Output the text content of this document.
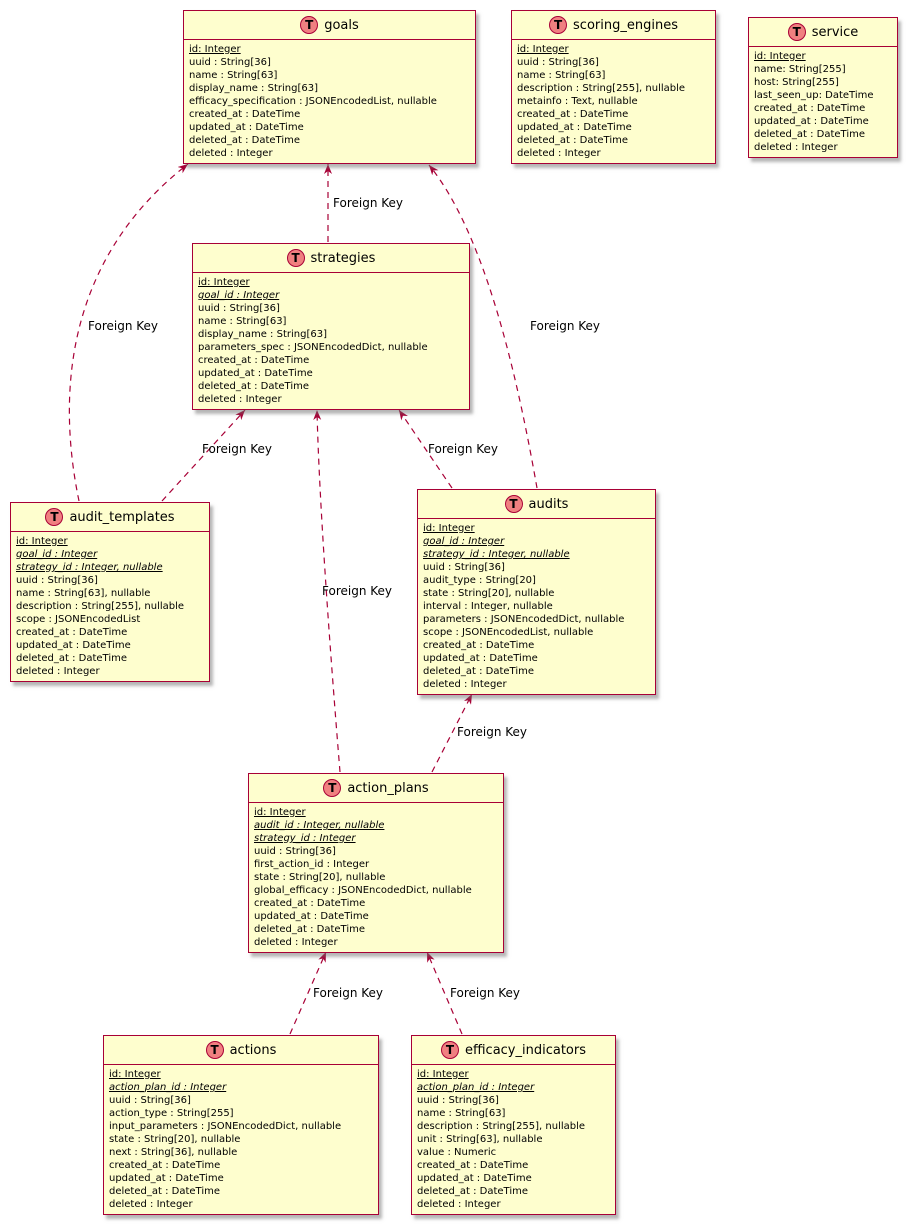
Foreign Key
Foreign Key	Foreign Key
Foreign Key	Foreign Key
Foreign Key
Foreign Key
Foreign Key	Foreign Key
T goals
id: Integer
uuid : String[36]
name : String[63]
display_name : String[63]
efficacy_specification : JSONEncodedList, nullable
created_at : DateTime
updated_at : DateTime
deleted_at : DateTime
deleted : Integer
T scoring_engines
id: Integer
uuid : String[36]
name : String[63]
description : String[255], nullable
metainfo : Text, nullable
created_at : DateTime
updated_at : DateTime
deleted_at : DateTime
deleted : Integer
T service
id: Integer
name: String[255]
host: String[255]
last_seen_up: DateTime
created_at : DateTime
updated_at : DateTime
deleted_at : DateTime
deleted : Integer
T strategies
id: Integer
goal_id : Integer
uuid : String[36]
name : String[63]
display_name : String[63]
parameters_spec : JSONEncodedDict, nullable
created_at : DateTime
updated_at : DateTime
deleted_at : DateTime
deleted : Integer
T audit_templates
id: Integer
goal_id : Integer
strategy_id : Integer, nullable
uuid : String[36]
name : String[63], nullable
description : String[255], nullable
scope : JSONEncodedList
created_at : DateTime
updated_at : DateTime
deleted_at : DateTime
deleted : Integer
T audits
id: Integer
goal_id : Integer
strategy_id : Integer, nullable
uuid : String[36]
audit_type : String[20]
state : String[20], nullable
interval : Integer, nullable
parameters : JSONEncodedDict, nullable
scope : JSONEncodedList, nullable
created_at : DateTime
updated_at : DateTime
deleted_at : DateTime
deleted : Integer
T action_plans
id: Integer
audit_id : Integer, nullable
strategy_id : Integer
uuid : String[36]
first_action_id : Integer
state : String[20], nullable
global_efficacy : JSONEncodedDict, nullable
created_at : DateTime
updated_at : DateTime
deleted_at : DateTime
deleted : Integer
T actions
id: Integer
action_plan_id : Integer
uuid : String[36]
action_type : String[255]
input_parameters : JSONEncodedDict, nullable
state : String[20], nullable
next : String[36], nullable
created_at : DateTime
updated_at : DateTime
deleted_at : DateTime
deleted : Integer
T efficacy_indicators
id: Integer
action_plan_id : Integer
uuid : String[36]
name : String[63]
description : String[255], nullable
unit : String[63], nullable
value : Numeric
created_at : DateTime
updated_at : DateTime
deleted_at : DateTime
deleted : Integer
